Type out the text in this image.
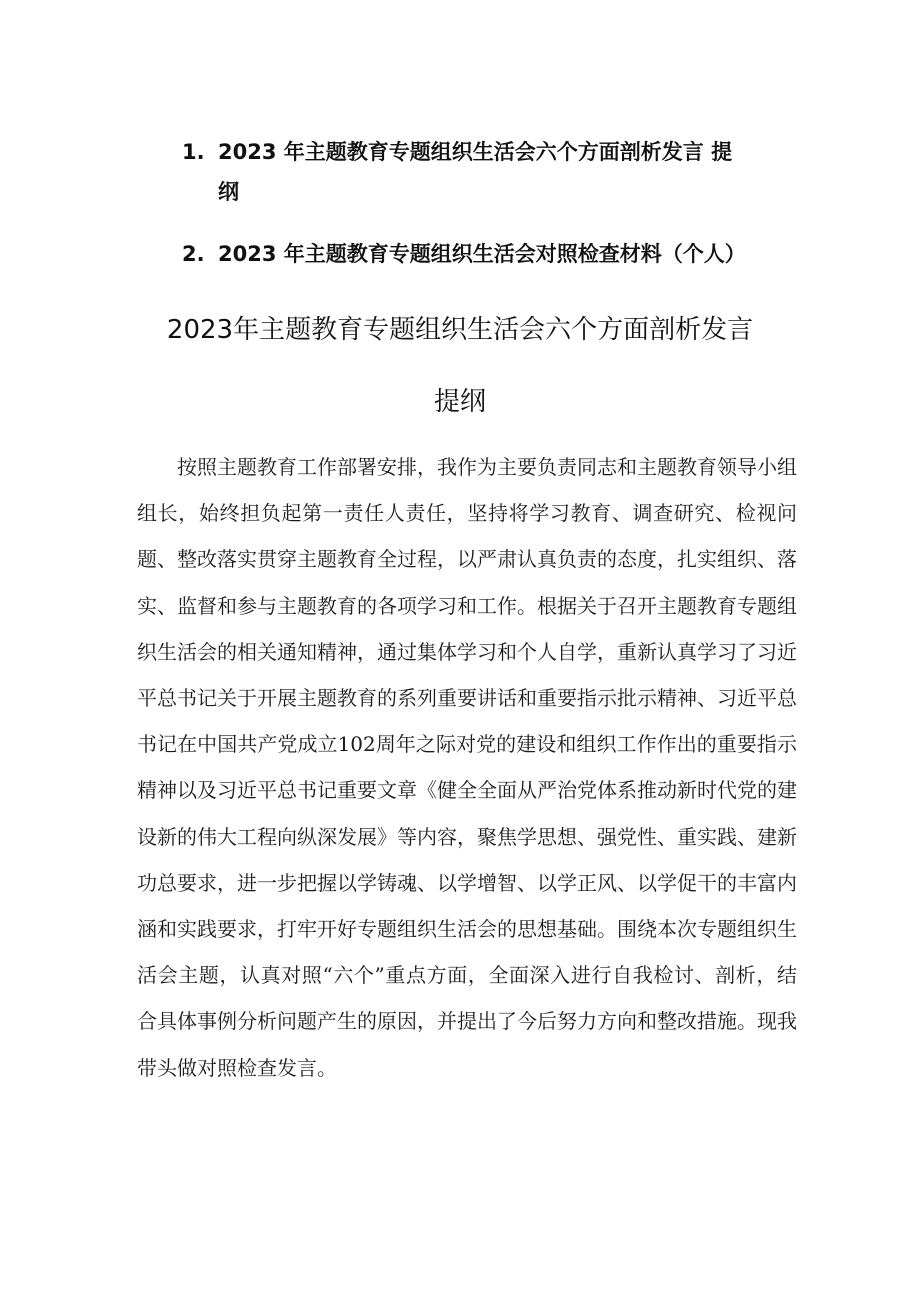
1. 2023 年主题教育专题组织生活会六个方面剖析发言 提纲
2. 2023 年主题教育专题组织生活会对照检查材料（个人）
2023年主题教育专题组织生活会六个方面剖析发言
提纲

按照主题教育工作部署安排，我作为主要负责同志和主题教育领导小组组长，始终担负起第一责任人责任，坚持将学习教育、调查研究、检视问题、整改落实贯穿主题教育全过程，以严肃认真负责的态度，扎实组织、落实、监督和参与主题教育的各项学习和工作。根据关于召开主题教育专题组织生活会的相关通知精神，通过集体学习和个人自学，重新认真学习了习近平总书记关于开展主题教育的系列重要讲话和重要指示批示精神、习近平总书记在中国共产党成立102周年之际对党的建设和组织工作作出的重要指示精神以及习近平总书记重要文章《健全全面从严治党体系推动新时代党的建设新的伟大工程向纵深发展》等内容，聚焦学思想、强党性、重实践、建新功总要求，进一步把握以学铸魂、以学增智、以学正风、以学促干的丰富内涵和实践要求，打牢开好专题组织生活会的思想基础。围绕本次专题组织生活会主题，认真对照“六个”重点方面，全面深入进行自我检讨、剖析，结合具体事例分析问题产生的原因，并提出了今后努力方向和整改措施。现我带头做对照检查发言。
